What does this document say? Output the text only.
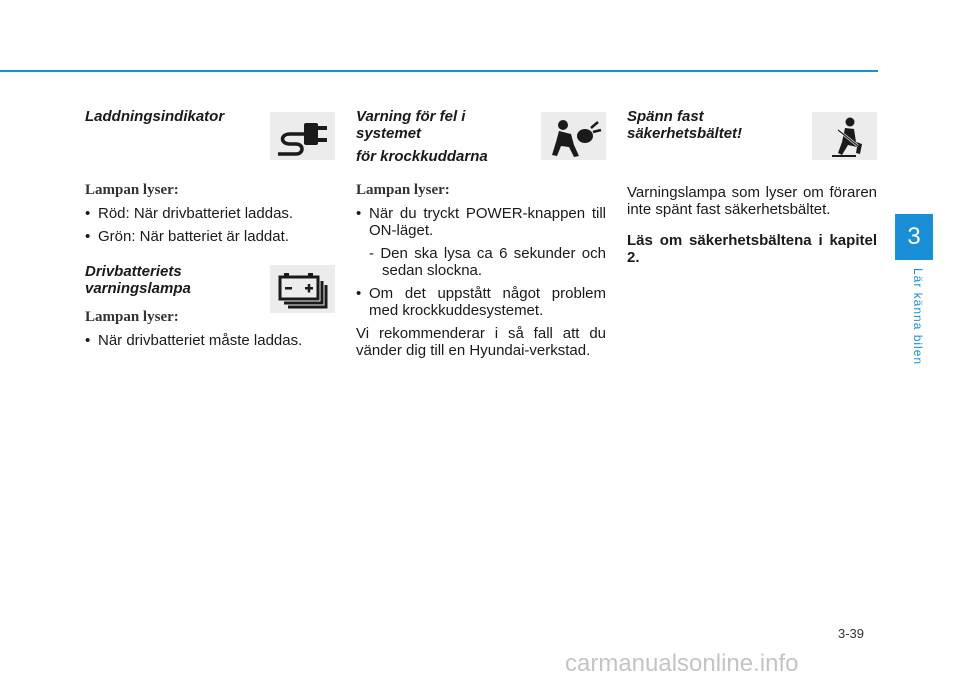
Laddningsindikator

Lampan lyser:

• Röd: När drivbatteriet laddas.
• Grön: När batteriet är laddat.

Drivbatteriets varningslampa

Lampan lyser:

• När drivbatteriet måste laddas.

Varning för fel i systemet

för krockkuddarna

Lampan lyser:

• När du tryckt POWER-knappen till ON-läget.

- Den ska lysa ca 6 sekunder och sedan slockna.

• Om det uppstått något problem med krockkuddesystemet.

Vi rekommenderar i så fall att du vänder dig till en Hyundai-verkstad.

Spänn fast säkerhetsbältet!

Varningslampa som lyser om föraren inte spänt fast säkerhetsbältet.

Läs om säkerhetsbältena i kapitel 2.

3
Lär känna bilen
3-39
carmanualsonline.info
